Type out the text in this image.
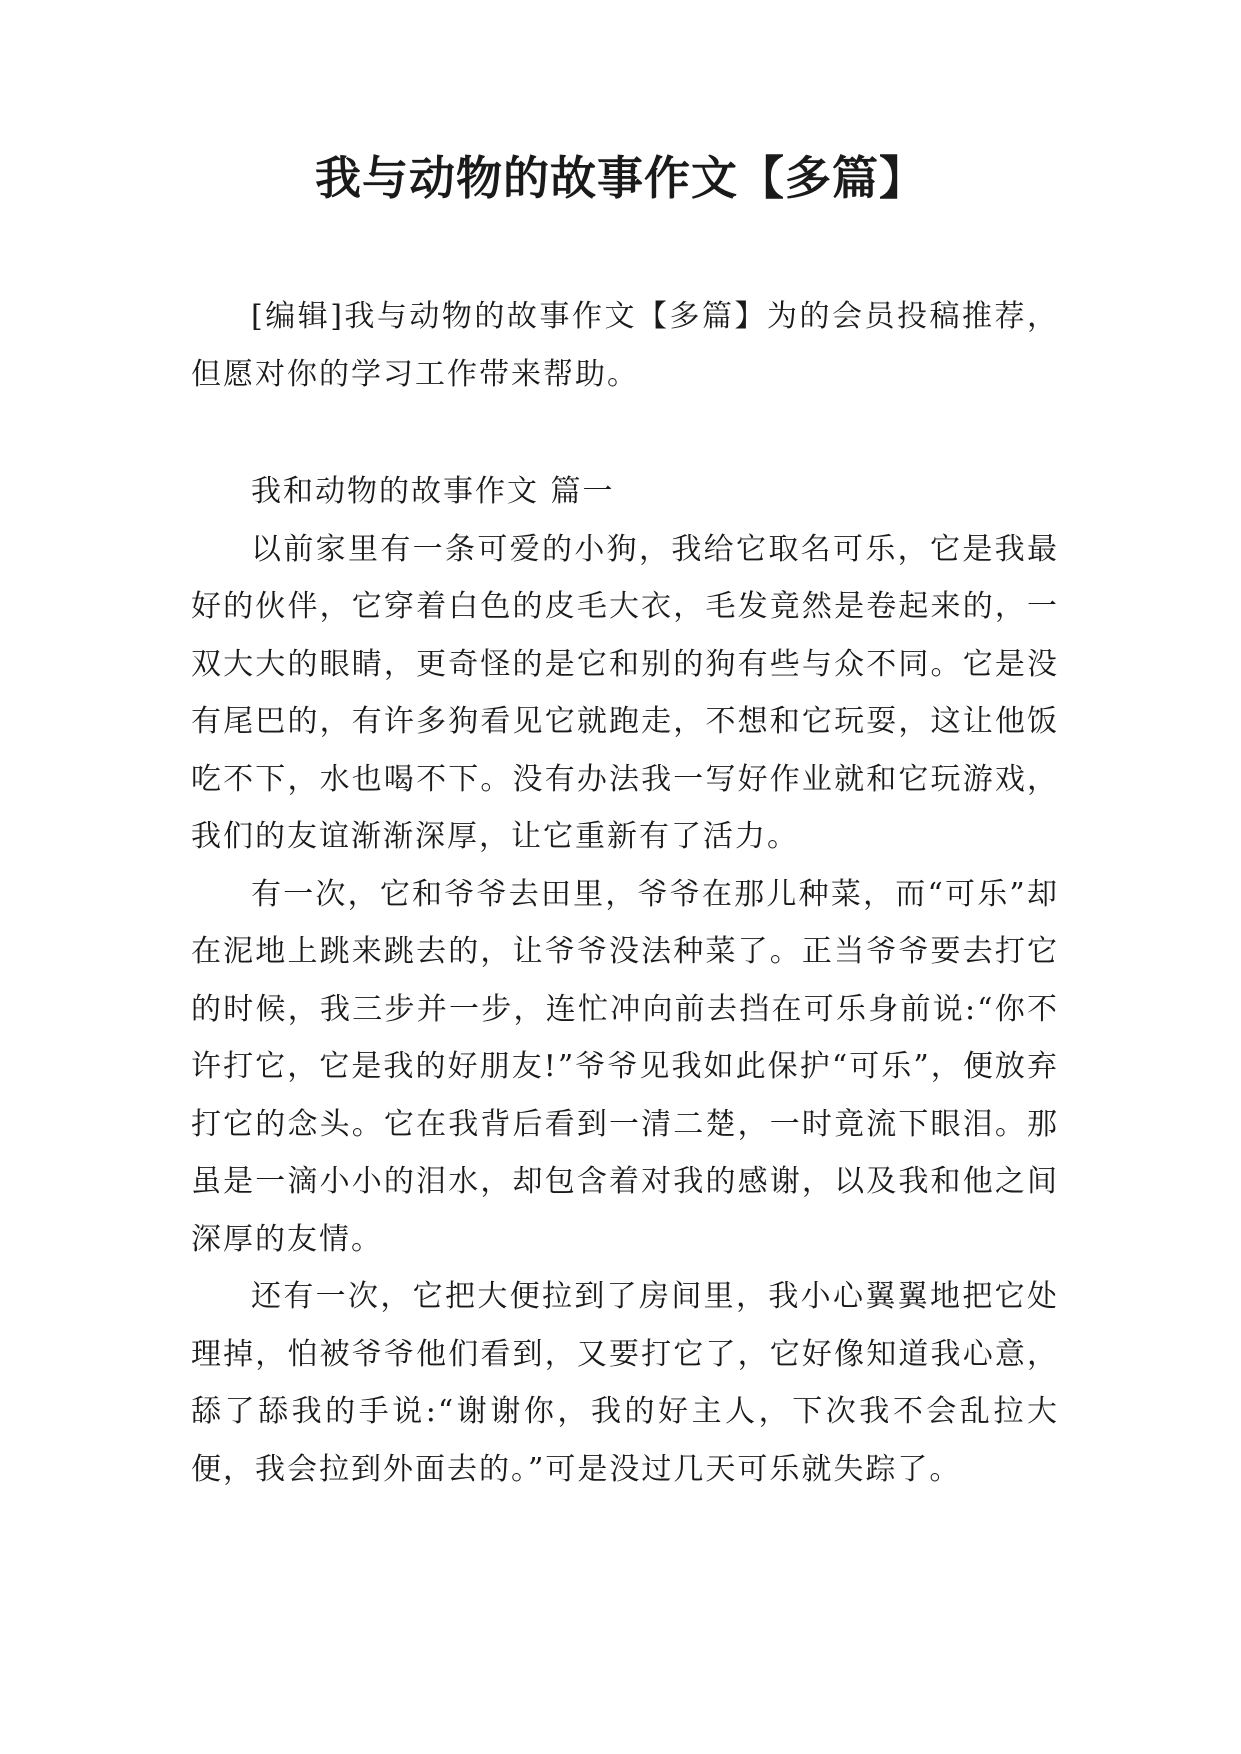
我与动物的故事作文【多篇】

[编辑]我与动物的故事作文【多篇】为的会员投稿推荐，但愿对你的学习工作带来帮助。

我和动物的故事作文 篇一

以前家里有一条可爱的小狗，我给它取名可乐，它是我最好的伙伴，它穿着白色的皮毛大衣，毛发竟然是卷起来的，一双大大的眼睛，更奇怪的是它和别的狗有些与众不同。它是没有尾巴的，有许多狗看见它就跑走，不想和它玩耍，这让他饭吃不下，水也喝不下。没有办法我一写好作业就和它玩游戏，我们的友谊渐渐深厚，让它重新有了活力。

有一次，它和爷爷去田里，爷爷在那儿种菜，而“可乐”却在泥地上跳来跳去的，让爷爷没法种菜了。正当爷爷要去打它的时候，我三步并一步，连忙冲向前去挡在可乐身前说:“你不许打它，它是我的好朋友!”爷爷见我如此保护“可乐”，便放弃打它的念头。它在我背后看到一清二楚，一时竟流下眼泪。那虽是一滴小小的泪水，却包含着对我的感谢，以及我和他之间深厚的友情。

还有一次，它把大便拉到了房间里，我小心翼翼地把它处理掉，怕被爷爷他们看到，又要打它了，它好像知道我心意，舔了舔我的手说:“谢谢你，我的好主人，下次我不会乱拉大便，我会拉到外面去的。”可是没过几天可乐就失踪了。
